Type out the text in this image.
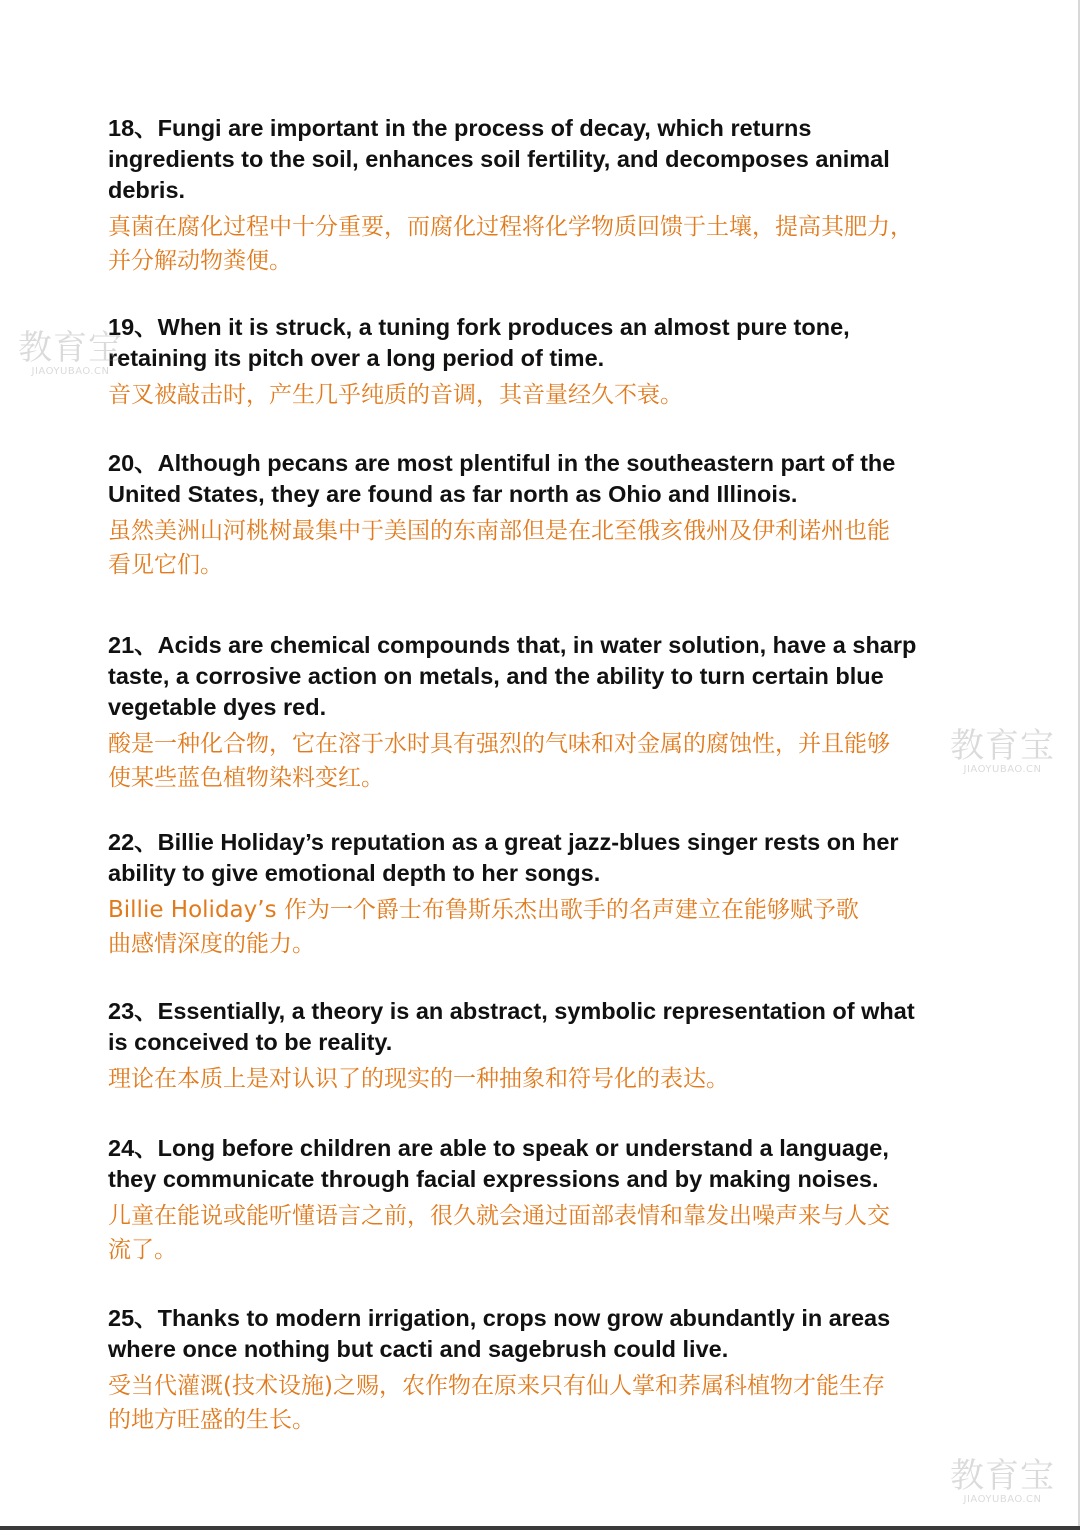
18、Fungi are important in the process of decay, which returns
ingredients to the soil, enhances soil fertility, and decomposes animal
debris.
真菌在腐化过程中十分重要，而腐化过程将化学物质回馈于土壤，提高其肥力，
并分解动物粪便。
19、When it is struck, a tuning fork produces an almost pure tone,
retaining its pitch over a long period of time.
音叉被敲击时，产生几乎纯质的音调，其音量经久不衰。
20、Although pecans are most plentiful in the southeastern part of the
United States, they are found as far north as Ohio and Illinois.
虽然美洲山河桃树最集中于美国的东南部但是在北至俄亥俄州及伊利诺州也能
看见它们。
21、Acids are chemical compounds that, in water solution, have a sharp
taste, a corrosive action on metals, and the ability to turn certain blue
vegetable dyes red.
酸是一种化合物，它在溶于水时具有强烈的气味和对金属的腐蚀性，并且能够
使某些蓝色植物染料变红。
22、Billie Holiday’s reputation as a great jazz-blues singer rests on her
ability to give emotional depth to her songs.
Billie Holiday’s 作为一个爵士布鲁斯乐杰出歌手的名声建立在能够赋予歌
曲感情深度的能力。
23、Essentially, a theory is an abstract, symbolic representation of what
is conceived to be reality.
理论在本质上是对认识了的现实的一种抽象和符号化的表达。
24、Long before children are able to speak or understand a language,
they communicate through facial expressions and by making noises.
儿童在能说或能听懂语言之前，很久就会通过面部表情和靠发出噪声来与人交
流了。
25、Thanks to modern irrigation, crops now grow abundantly in areas
where once nothing but cacti and sagebrush could live.
受当代灌溉(技术设施)之赐，农作物在原来只有仙人掌和荞属科植物才能生存
的地方旺盛的生长。
教育宝
JIAOYUBAO.CN
教育宝
JIAOYUBAO.CN
教育宝
JIAOYUBAO.CN
